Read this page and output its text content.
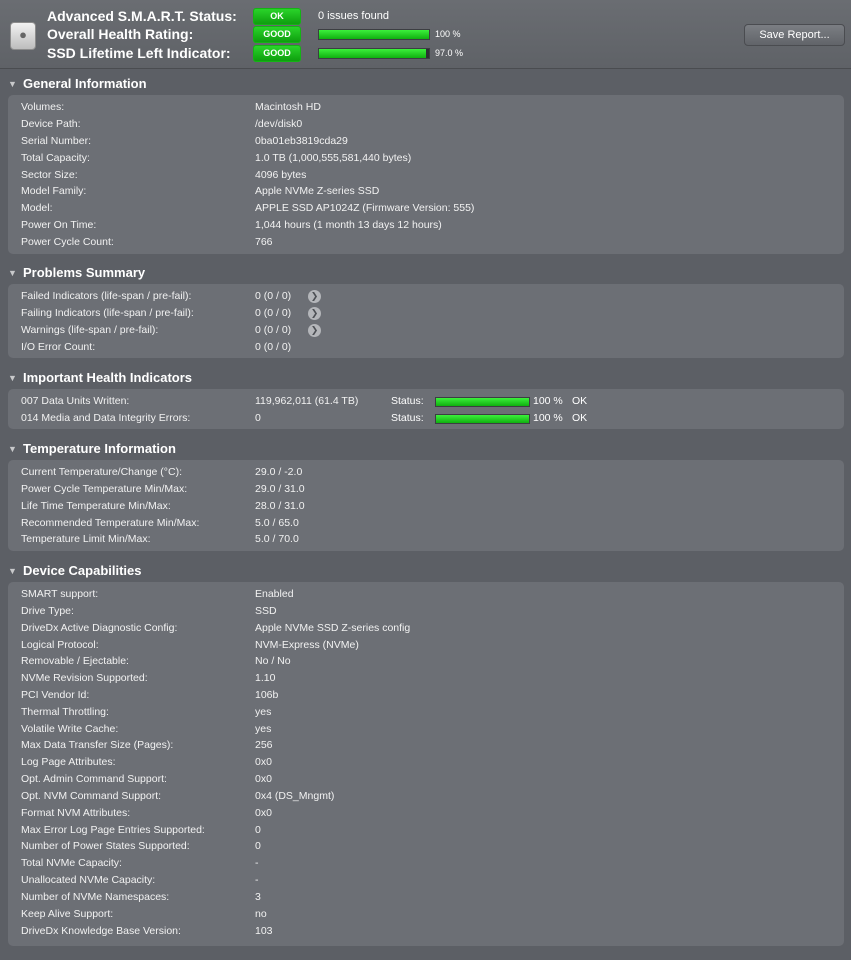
●
Advanced S.M.A.R.T. Status:	OK	0 issues found
Overall Health Rating:	GOOD	100 %
SSD Lifetime Left Indicator:	GOOD	97.0 %
Save Report...
▼ General Information
Volumes:	Macintosh HD
Device Path:	/dev/disk0
Serial Number:	0ba01eb3819cda29
Total Capacity:	1.0 TB (1,000,555,581,440 bytes)
Sector Size:	4096 bytes
Model Family:	Apple NVMe Z-series SSD
Model:	APPLE SSD AP1024Z (Firmware Version: 555)
Power On Time:	1,044 hours (1 month 13 days 12 hours)
Power Cycle Count:	766
▼ Problems Summary
Failed Indicators (life-span / pre-fail):	0 (0 / 0)	❯
Failing Indicators (life-span / pre-fail):	0 (0 / 0)	❯
Warnings (life-span / pre-fail):	0 (0 / 0)	❯
I/O Error Count:	0 (0 / 0)
▼ Important Health Indicators
007 Data Units Written:	119,962,011 (61.4 TB)	Status:	100 % OK
014 Media and Data Integrity Errors:	0	Status:	100 % OK
▼ Temperature Information
Current Temperature/Change (°C):	29.0 / -2.0
Power Cycle Temperature Min/Max:	29.0 / 31.0
Life Time Temperature Min/Max:	28.0 / 31.0
Recommended Temperature Min/Max:	5.0 / 65.0
Temperature Limit Min/Max:	5.0 / 70.0
▼ Device Capabilities
SMART support:	Enabled
Drive Type:	SSD
DriveDx Active Diagnostic Config:	Apple NVMe SSD Z-series config
Logical Protocol:	NVM-Express (NVMe)
Removable / Ejectable:	No / No
NVMe Revision Supported:	1.10
PCI Vendor Id:	106b
Thermal Throttling:	yes
Volatile Write Cache:	yes
Max Data Transfer Size (Pages):	256
Log Page Attributes:	0x0
Opt. Admin Command Support:	0x0
Opt. NVM Command Support:	0x4 (DS_Mngmt)
Format NVM Attributes:	0x0
Max Error Log Page Entries Supported:	0
Number of Power States Supported:	0
Total NVMe Capacity:	-
Unallocated NVMe Capacity:	-
Number of NVMe Namespaces:	3
Keep Alive Support:	no
DriveDx Knowledge Base Version:	103
